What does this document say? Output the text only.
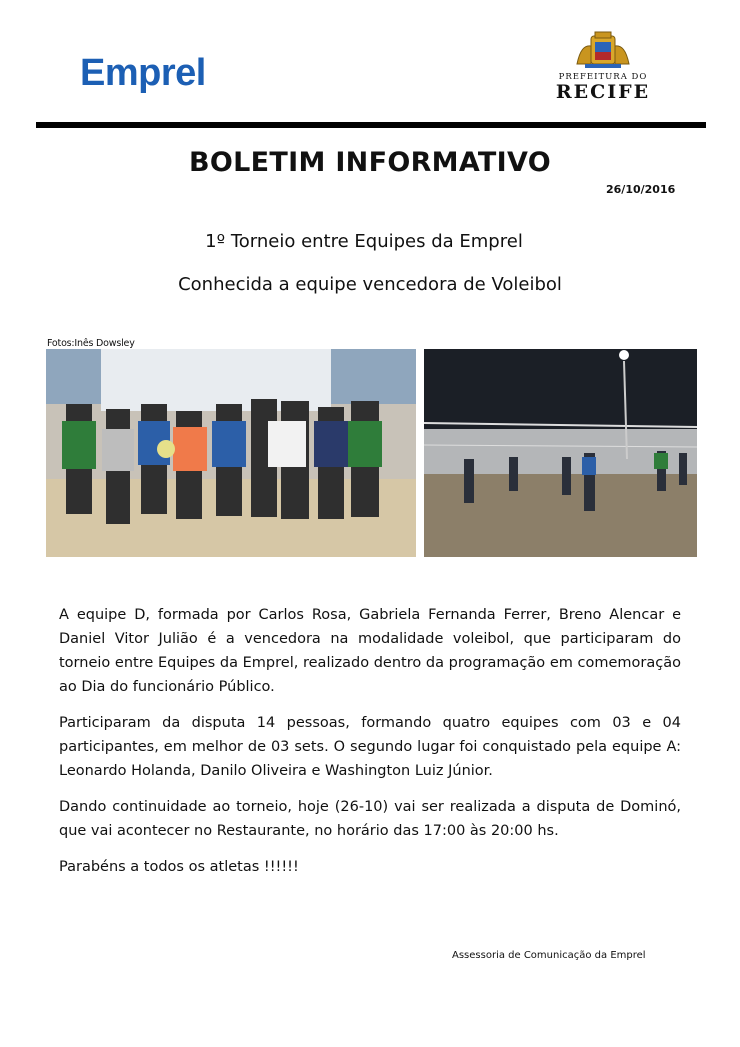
Emprel	PREFEITURA DO
RECIFE
BOLETIM INFORMATIVO
26/10/2016
1º Torneio entre Equipes da Emprel
Conhecida a equipe vencedora de Voleibol
Fotos:Inês Dowsley

A equipe D, formada por Carlos Rosa, Gabriela Fernanda Ferrer, Breno Alencar e Daniel Vitor Julião é a vencedora na modalidade voleibol, que participaram do torneio entre Equipes da Emprel, realizado dentro da programação em comemoração ao Dia do funcionário Público.

Participaram da disputa 14 pessoas, formando quatro equipes com 03 e 04 participantes, em melhor de 03 sets. O segundo lugar foi conquistado pela equipe A: Leonardo Holanda, Danilo Oliveira e Washington Luiz Júnior.

Dando continuidade ao torneio, hoje (26-10) vai ser realizada a disputa de Dominó, que vai acontecer no Restaurante, no horário das 17:00 às 20:00 hs.

Parabéns a todos os atletas !!!!!!

Assessoria de Comunicação da Emprel
